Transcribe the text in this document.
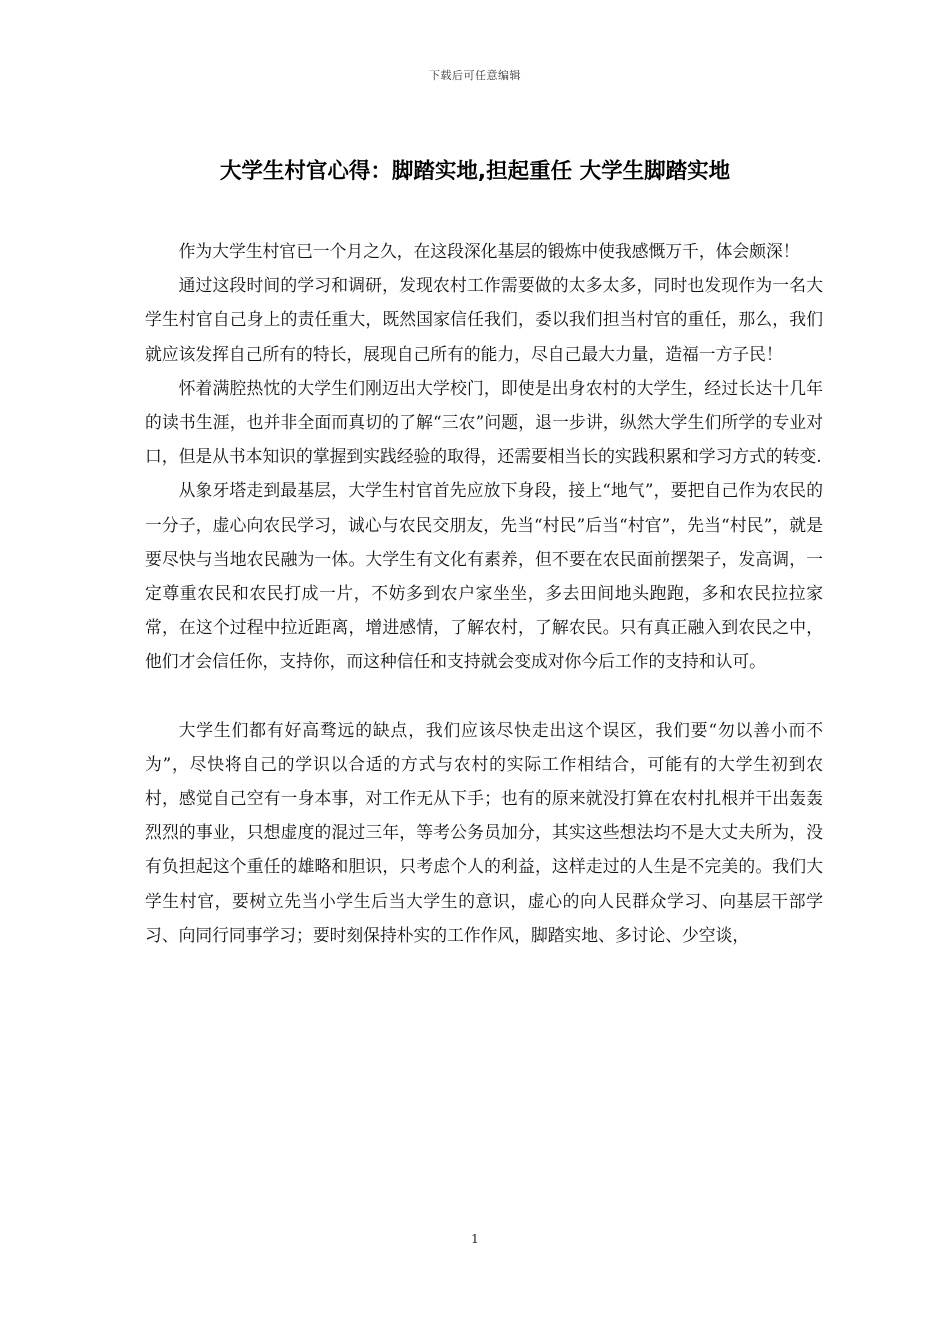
下载后可任意编辑
大学生村官心得：脚踏实地,担起重任 大学生脚踏实地

作为大学生村官已一个月之久，在这段深化基层的锻炼中使我感慨万千，体会颇深！

通过这段时间的学习和调研，发现农村工作需要做的太多太多，同时也发现作为一名大学生村官自己身上的责任重大，既然国家信任我们，委以我们担当村官的重任，那么，我们就应该发挥自己所有的特长，展现自己所有的能力，尽自己最大力量，造福一方子民！

怀着满腔热忱的大学生们刚迈出大学校门，即使是出身农村的大学生，经过长达十几年的读书生涯，也并非全面而真切的了解“三农”问题，退一步讲，纵然大学生们所学的专业对口，但是从书本知识的掌握到实践经验的取得，还需要相当长的实践积累和学习方式的转变.

从象牙塔走到最基层，大学生村官首先应放下身段，接上“地气”，要把自己作为农民的一分子，虚心向农民学习，诚心与农民交朋友，先当“村民”后当“村官”，先当“村民”，就是要尽快与当地农民融为一体。大学生有文化有素养，但不要在农民面前摆架子，发高调，一定尊重农民和农民打成一片，不妨多到农户家坐坐，多去田间地头跑跑，多和农民拉拉家常，在这个过程中拉近距离，增进感情，了解农村，了解农民。只有真正融入到农民之中，他们才会信任你，支持你，而这种信任和支持就会变成对你今后工作的支持和认可。

大学生们都有好高骛远的缺点，我们应该尽快走出这个误区，我们要“勿以善小而不为”，尽快将自己的学识以合适的方式与农村的实际工作相结合，可能有的大学生初到农村，感觉自己空有一身本事，对工作无从下手；也有的原来就没打算在农村扎根并干出轰轰烈烈的事业，只想虚度的混过三年，等考公务员加分，其实这些想法均不是大丈夫所为，没有负担起这个重任的雄略和胆识，只考虑个人的利益，这样走过的人生是不完美的。我们大学生村官，要树立先当小学生后当大学生的意识，虚心的向人民群众学习、向基层干部学习、向同行同事学习；要时刻保持朴实的工作作风，脚踏实地、多讨论、少空谈，

1
